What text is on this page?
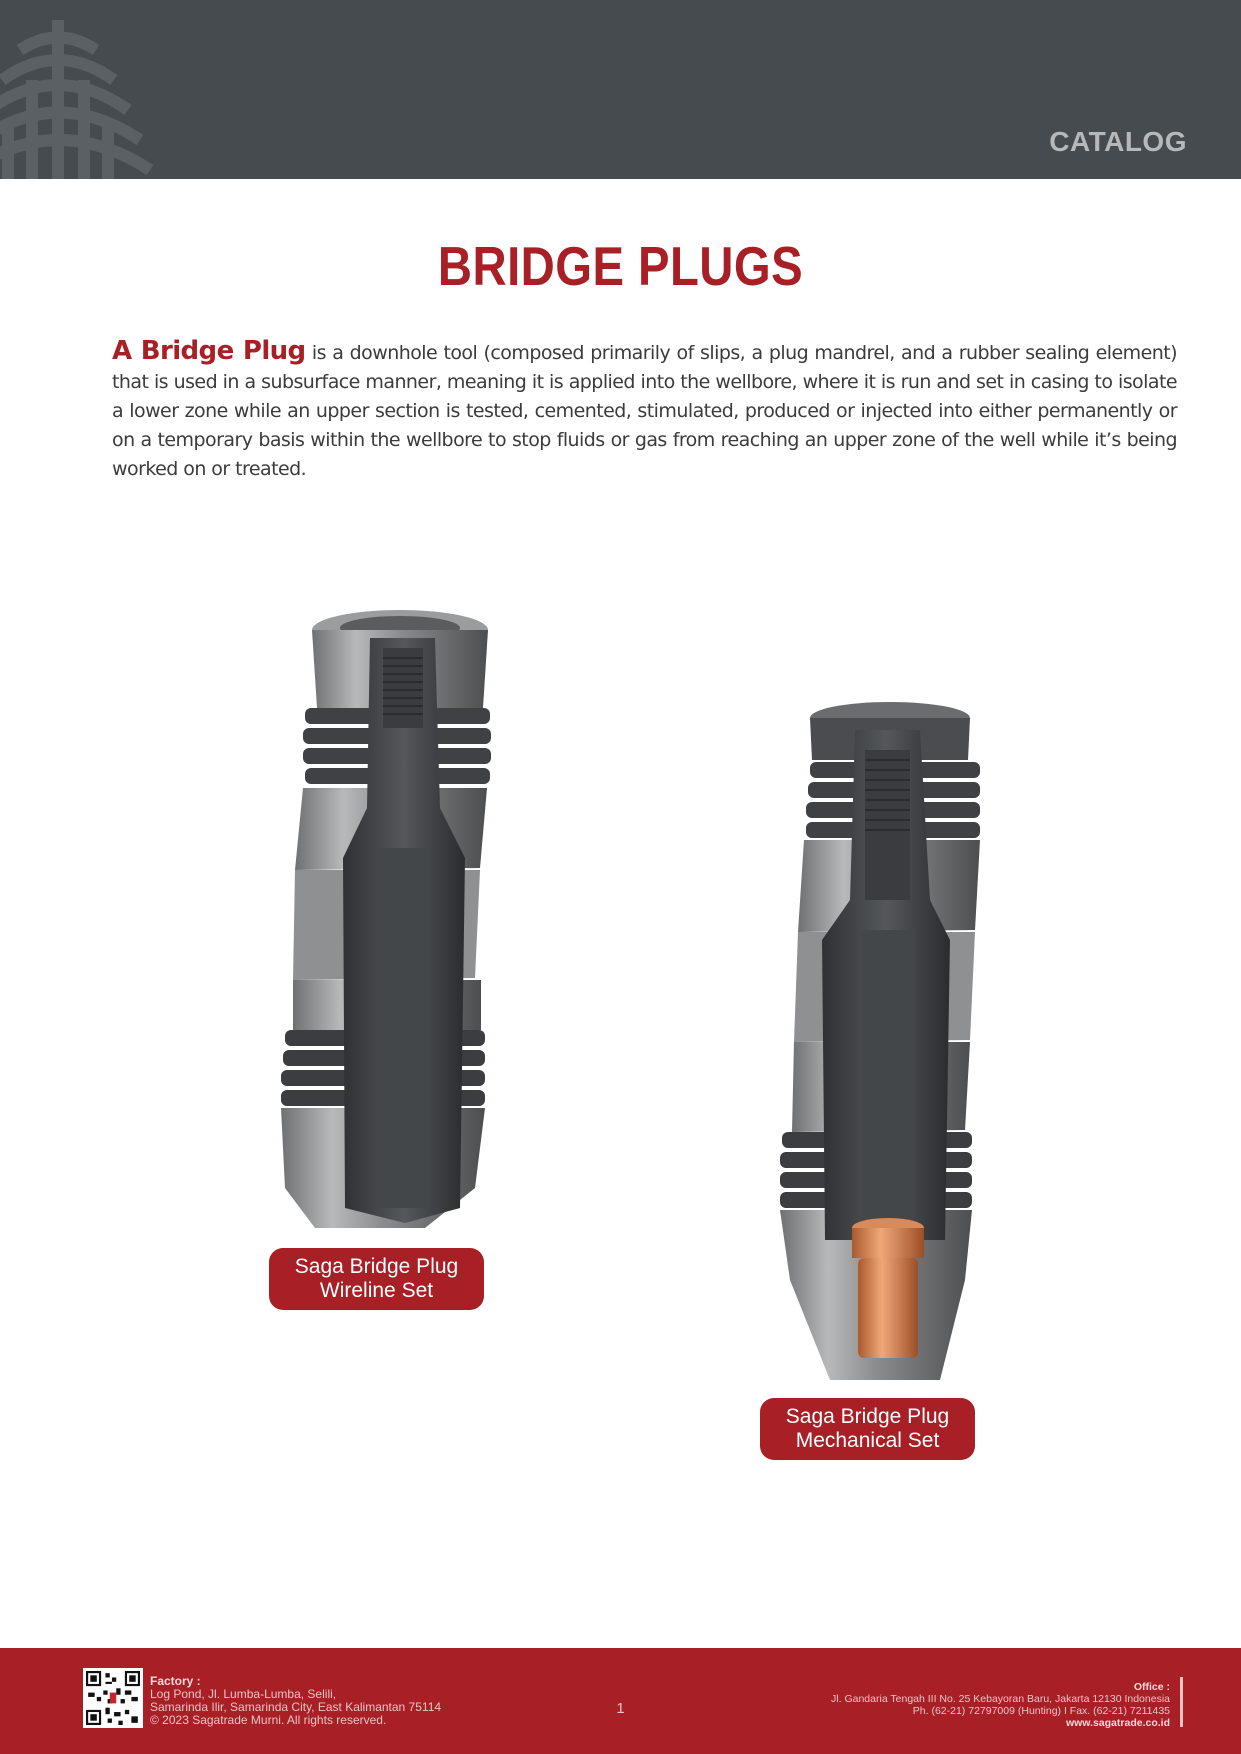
CATALOG
BRIDGE PLUGS

A Bridge Plug is a downhole tool (composed primarily of slips, a plug mandrel, and a rubber sealing element) that is used in a subsurface manner, meaning it is applied into the wellbore, where it is run and set in casing to isolate a lower zone while an upper section is tested, cemented, stimulated, produced or injected into either permanently or on a temporary basis within the wellbore to stop fluids or gas from reaching an upper zone of the well while it’s being worked on or treated.

Saga Bridge Plug
Wireline Set
Saga Bridge Plug
Mechanical Set
Factory :
Log Pond, Jl. Lumba-Lumba, Selili,
Samarinda Ilir, Samarinda City, East Kalimantan 75114
© 2023 Sagatrade Murni. All rights reserved.
1
Office :
Jl. Gandaria Tengah III No. 25 Kebayoran Baru, Jakarta 12130 Indonesia
Ph. (62-21) 72797009 (Hunting) I Fax. (62-21) 7211435
www.sagatrade.co.id
